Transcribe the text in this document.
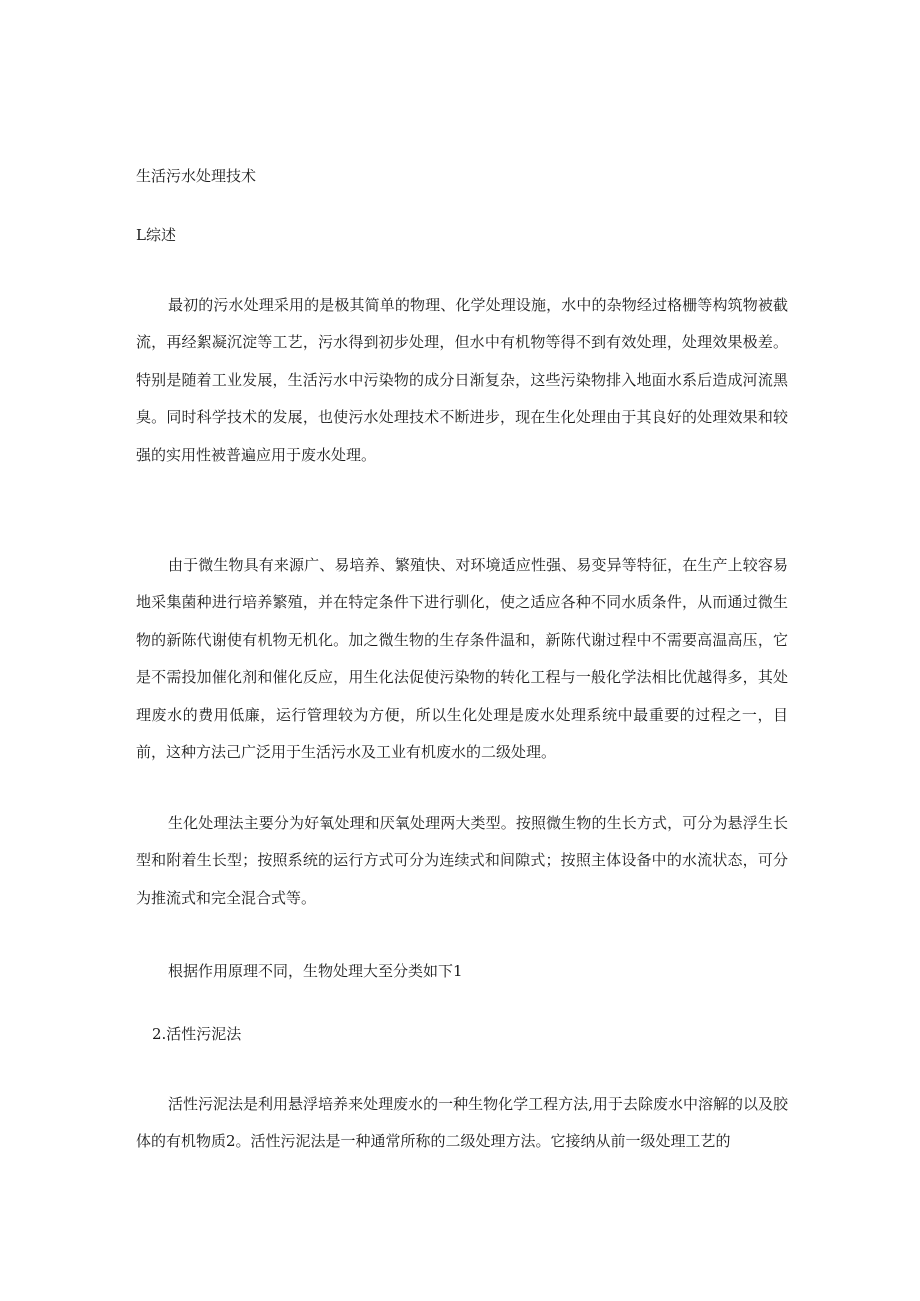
生活污水处理技术
L综述

最初的污水处理采用的是极其简单的物理、化学处理设施，水中的杂物经过格栅等构筑物被截流，再经絮凝沉淀等工艺，污水得到初步处理，但水中有机物等得不到有效处理，处理效果极差。特别是随着工业发展，生活污水中污染物的成分日渐复杂，这些污染物排入地面水系后造成河流黑臭。同时科学技术的发展，也使污水处理技术不断进步，现在生化处理由于其良好的处理效果和较强的实用性被普遍应用于废水处理。

由于微生物具有来源广、易培养、繁殖快、对环境适应性强、易变异等特征，在生产上较容易地采集菌种进行培养繁殖，并在特定条件下进行驯化，使之适应各种不同水质条件，从而通过微生物的新陈代谢使有机物无机化。加之微生物的生存条件温和，新陈代谢过程中不需要高温高压，它是不需投加催化剂和催化反应，用生化法促使污染物的转化工程与一般化学法相比优越得多，其处理废水的费用低廉，运行管理较为方便，所以生化处理是废水处理系统中最重要的过程之一，目前，这种方法己广泛用于生活污水及工业有机废水的二级处理。

生化处理法主要分为好氧处理和厌氧处理两大类型。按照微生物的生长方式，可分为悬浮生长型和附着生长型；按照系统的运行方式可分为连续式和间隙式；按照主体设备中的水流状态，可分为推流式和完全混合式等。

根据作用原理不同，生物处理大至分类如下1

2.活性污泥法

活性污泥法是利用悬浮培养来处理废水的一种生物化学工程方法,用于去除废水中溶解的以及胶体的有机物质2。活性污泥法是一种通常所称的二级处理方法。它接纳从前一级处理工艺的
